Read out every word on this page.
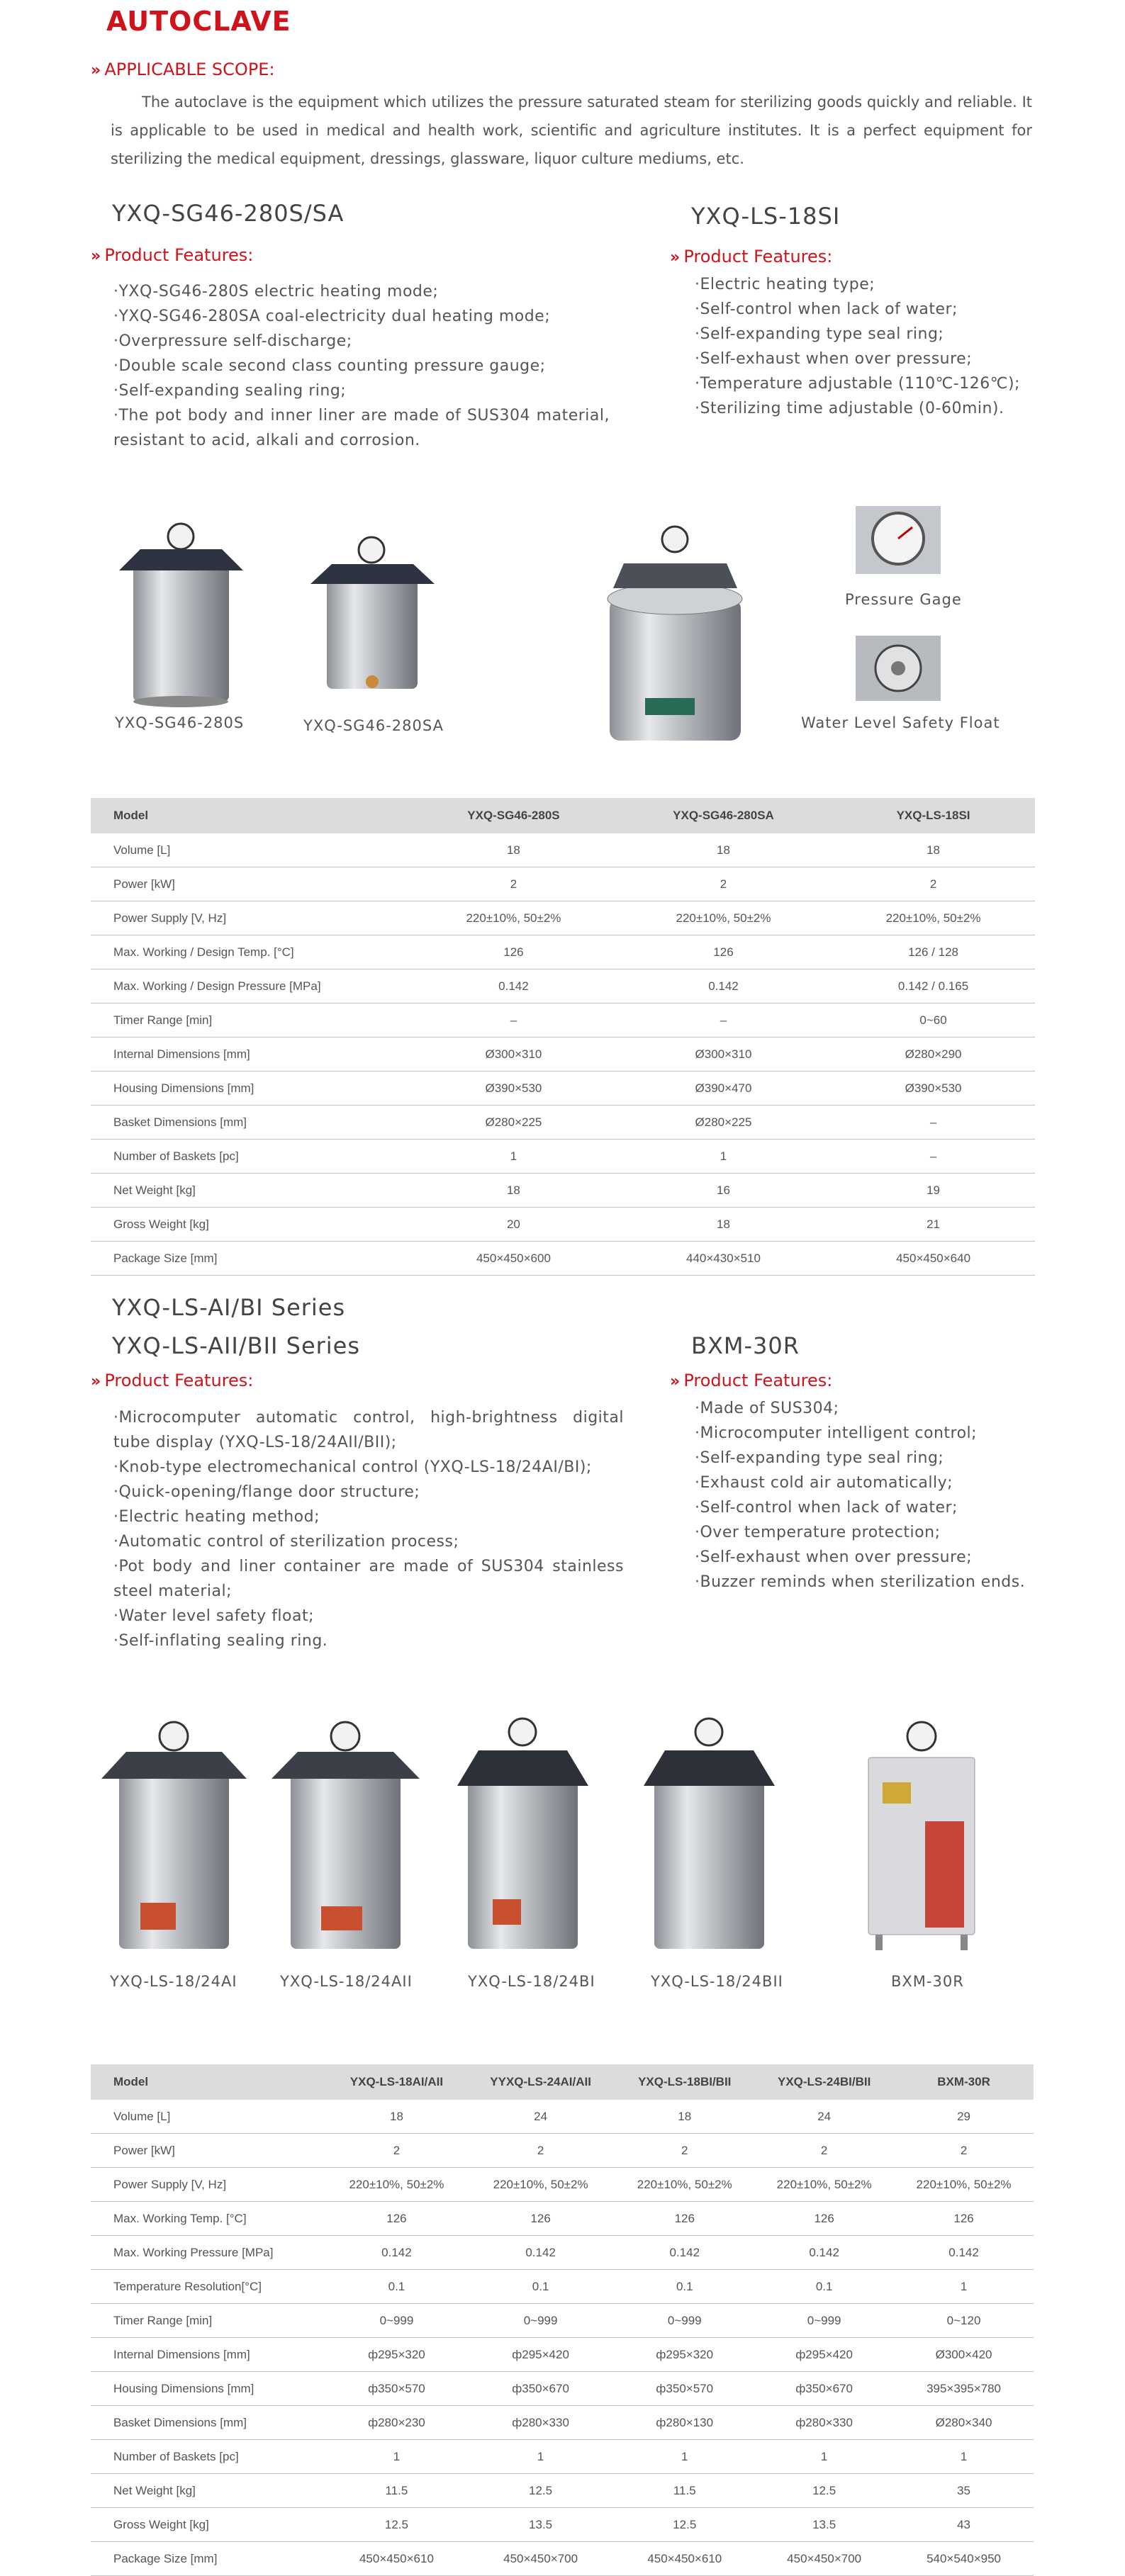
AUTOCLAVE
» APPLICABLE SCOPE:
The autoclave is the equipment which utilizes the pressure saturated steam for sterilizing goods quickly and reliable. It is applicable to be used in medical and health work, scientific and agriculture institutes. It is a perfect equipment for sterilizing the medical equipment, dressings, glassware, liquor culture mediums, etc.
YXQ-SG46-280S/SA
» Product Features:
·YXQ-SG46-280S electric heating mode;
·YXQ-SG46-280SA coal-electricity dual heating mode;
·Overpressure self-discharge;
·Double scale second class counting pressure gauge;
·Self-expanding sealing ring;
·The pot body and inner liner are made of SUS304 material, resistant to acid, alkali and corrosion.
YXQ-LS-18SI
» Product Features:
·Electric heating type;
·Self-control when lack of water;
·Self-expanding type seal ring;
·Self-exhaust when over pressure;
·Temperature adjustable (110℃-126℃);
·Sterilizing time adjustable (0-60min).
YXQ-SG46-280S	YXQ-SG46-280SA
Pressure Gage
Water Level Safety Float
Model	YXQ-SG46-280S	YXQ-SG46-280SA	YXQ-LS-18SI
Volume [L]	18	18	18
Power [kW]	2	2	2
Power Supply [V, Hz]	220±10%, 50±2%	220±10%, 50±2%	220±10%, 50±2%
Max. Working / Design Temp. [°C]	126	126	126 / 128
Max. Working / Design Pressure [MPa]	0.142	0.142	0.142 / 0.165
Timer Range [min]	–	–	0~60
Internal Dimensions [mm]	Ø300×310	Ø300×310	Ø280×290
Housing Dimensions [mm]	Ø390×530	Ø390×470	Ø390×530
Basket Dimensions [mm]	Ø280×225	Ø280×225	–
Number of Baskets [pc]	1	1	–
Net Weight [kg]	18	16	19
Gross Weight [kg]	20	18	21
Package Size [mm]	450×450×600	440×430×510	450×450×640
YXQ-LS-AI/BI Series
YXQ-LS-AII/BII Series
» Product Features:
·Microcomputer automatic control, high-brightness digital tube display (YXQ-LS-18/24AII/BII);
·Knob-type electromechanical control (YXQ-LS-18/24AI/BI);
·Quick-opening/flange door structure;
·Electric heating method;
·Automatic control of sterilization process;
·Pot body and liner container are made of SUS304 stainless steel material;
·Water level safety float;
·Self-inflating sealing ring.
BXM-30R
» Product Features:
·Made of SUS304;
·Microcomputer intelligent control;
·Self-expanding type seal ring;
·Exhaust cold air automatically;
·Self-control when lack of water;
·Over temperature protection;
·Self-exhaust when over pressure;
·Buzzer reminds when sterilization ends.
YXQ-LS-18/24AI	YXQ-LS-18/24AII	YXQ-LS-18/24BI	YXQ-LS-18/24BII	BXM-30R
Model	YXQ-LS-18AI/AII	YYXQ-LS-24AI/AII	YXQ-LS-18BI/BII	YXQ-LS-24BI/BII	BXM-30R
Volume [L]	18	24	18	24	29
Power [kW]	2	2	2	2	2
Power Supply [V, Hz]	220±10%, 50±2%	220±10%, 50±2%	220±10%, 50±2%	220±10%, 50±2%	220±10%, 50±2%
Max. Working Temp. [°C]	126	126	126	126	126
Max. Working Pressure [MPa]	0.142	0.142	0.142	0.142	0.142
Temperature Resolution[°C]	0.1	0.1	0.1	0.1	1
Timer Range [min]	0~999	0~999	0~999	0~999	0~120
Internal Dimensions [mm]	ф295×320	ф295×420	ф295×320	ф295×420	Ø300×420
Housing Dimensions [mm]	ф350×570	ф350×670	ф350×570	ф350×670	395×395×780
Basket Dimensions [mm]	ф280×230	ф280×330	ф280×130	ф280×330	Ø280×340
Number of Baskets [pc]	1	1	1	1	1
Net Weight [kg]	11.5	12.5	11.5	12.5	35
Gross Weight [kg]	12.5	13.5	12.5	13.5	43
Package Size [mm]	450×450×610	450×450×700	450×450×610	450×450×700	540×540×950
